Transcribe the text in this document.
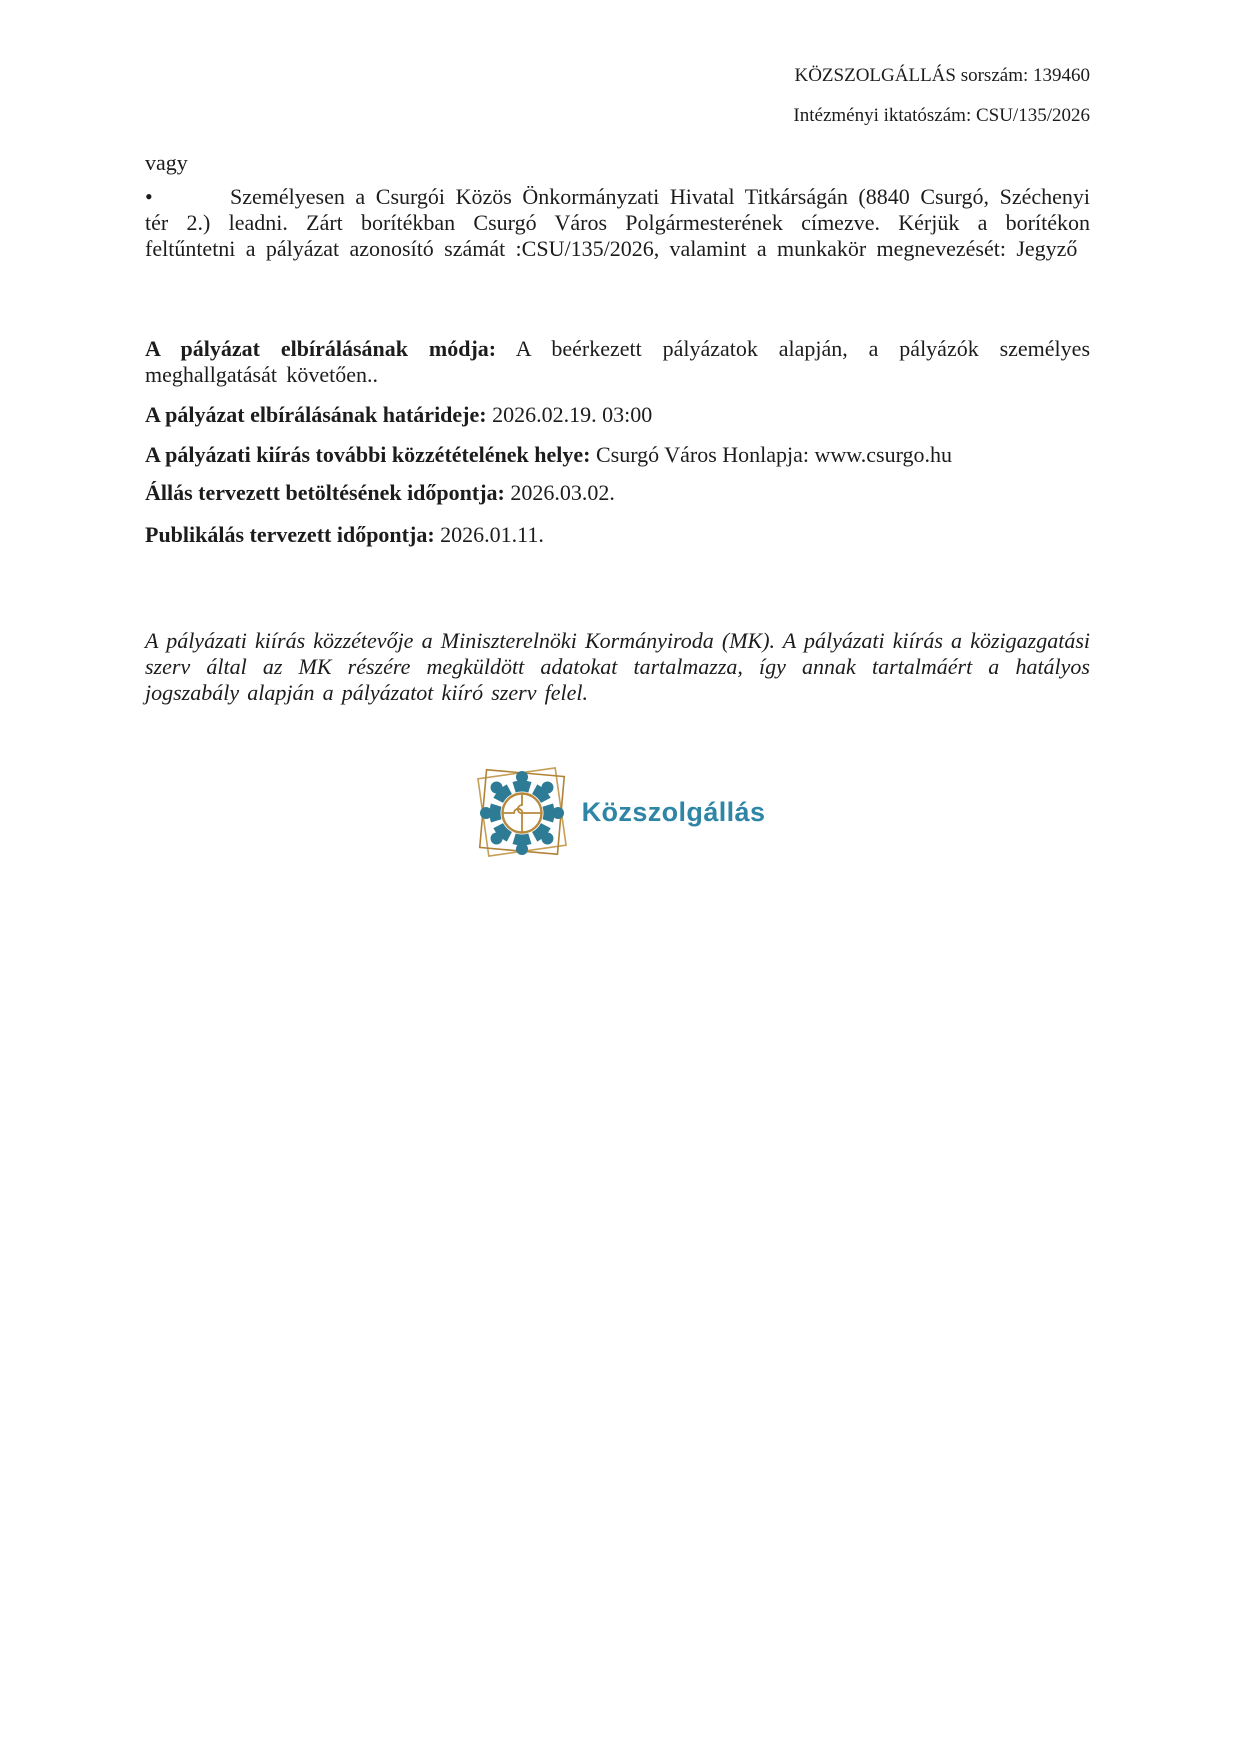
KÖZSZOLGÁLLÁS sorszám: 139460
Intézményi iktatószám: CSU/135/2026

vagy

•	Személyesen a Csurgói Közös Önkormányzati Hivatal Titkárságán (8840 Csurgó, Széchenyi tér 2.) leadni. Zárt borítékban Csurgó Város Polgármesterének címezve. Kérjük a borítékon feltűntetni a pályázat azonosító számát :CSU/135/2026, valamint a munkakör megnevezését: Jegyző

A pályázat elbírálásának módja: A beérkezett pályázatok alapján, a pályázók személyes meghallgatását követően..

A pályázat elbírálásának határideje: 2026.02.19. 03:00

A pályázati kiírás további közzétételének helye: Csurgó Város Honlapja: www.csurgo.hu

Állás tervezett betöltésének időpontja: 2026.03.02.

Publikálás tervezett időpontja: 2026.01.11.

A pályázati kiírás közzétevője a Miniszterelnöki Kormányiroda (MK). A pályázati kiírás a közigazgatási szerv által az MK részére megküldött adatokat tartalmazza, így annak tartalmáért a hatályos jogszabály alapján a pályázatot kiíró szerv felel.

Közszolgállás
